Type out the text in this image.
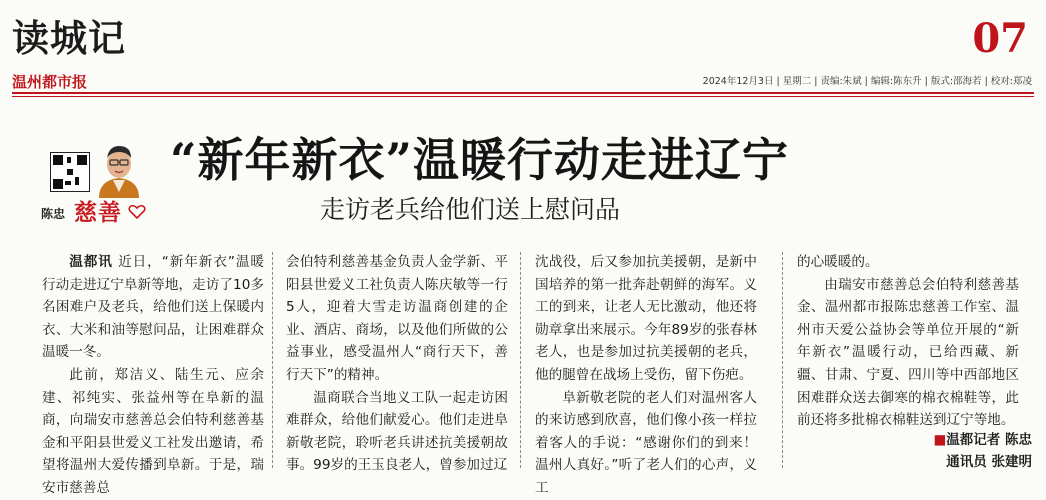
读城记	07
温州都市报	2024年12月3日 | 星期二 | 责编:朱斌 | 编辑:陈东升 | 版式:邵海若 | 校对:郑凌
陈忠 慈善
“新年新衣”温暖行动走进辽宁
走访老兵给他们送上慰问品

温都讯 近日，“新年新衣”温暖行动走进辽宁阜新等地，走访了10多名困难户及老兵，给他们送上保暖内衣、大米和油等慰问品，让困难群众温暖一冬。

此前，郑洁义、陆生元、应余建、祁纯实、张益州等在阜新的温商，向瑞安市慈善总会伯特利慈善基金和平阳县世爱义工社发出邀请，希望将温州大爱传播到阜新。于是，瑞安市慈善总

会伯特利慈善基金负责人金学新、平阳县世爱义工社负责人陈庆敏等一行5人，迎着大雪走访温商创建的企业、酒店、商场，以及他们所做的公益事业，感受温州人“商行天下，善行天下”的精神。

温商联合当地义工队一起走访困难群众，给他们献爱心。他们走进阜新敬老院，聆听老兵讲述抗美援朝故事。99岁的王玉良老人，曾参加过辽

沈战役，后又参加抗美援朝，是新中国培养的第一批奔赴朝鲜的海军。义工的到来，让老人无比激动，他还将勋章拿出来展示。今年89岁的张春林老人，也是参加过抗美援朝的老兵，他的腿曾在战场上受伤，留下伤疤。

阜新敬老院的老人们对温州客人的来访感到欣喜，他们像小孩一样拉着客人的手说：“感谢你们的到来！温州人真好。”听了老人们的心声，义工

的心暖暖的。

由瑞安市慈善总会伯特利慈善基金、温州都市报陈忠慈善工作室、温州市天爱公益协会等单位开展的“新年新衣”温暖行动，已给西藏、新疆、甘肃、宁夏、四川等中西部地区困难群众送去御寒的棉衣棉鞋等，此前还将多批棉衣棉鞋送到辽宁等地。

■温都记者 陈忠
通讯员 张建明
